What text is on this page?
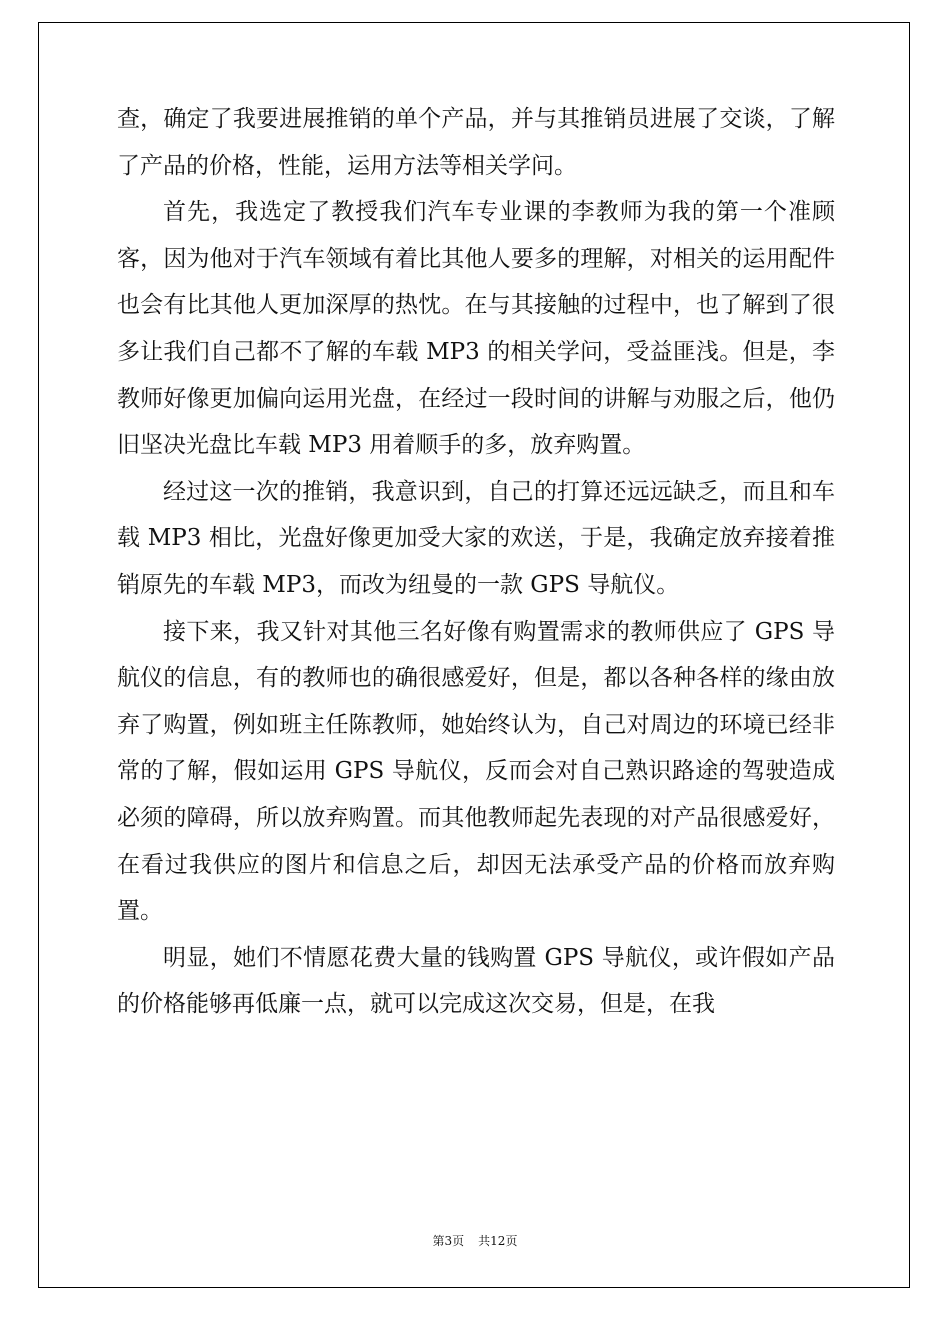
查，确定了我要进展推销的单个产品，并与其推销员进展了交谈，了解了产品的价格，性能，运用方法等相关学问。

首先，我选定了教授我们汽车专业课的李教师为我的第一个准顾客，因为他对于汽车领域有着比其他人要多的理解，对相关的运用配件也会有比其他人更加深厚的热忱。在与其接触的过程中，也了解到了很多让我们自己都不了解的车载 MP3 的相关学问，受益匪浅。但是，李教师好像更加偏向运用光盘，在经过一段时间的讲解与劝服之后，他仍旧坚决光盘比车载 MP3 用着顺手的多，放弃购置。

经过这一次的推销，我意识到，自己的打算还远远缺乏，而且和车载 MP3 相比，光盘好像更加受大家的欢送，于是，我确定放弃接着推销原先的车载 MP3，而改为纽曼的一款 GPS 导航仪。

接下来，我又针对其他三名好像有购置需求的教师供应了 GPS 导航仪的信息，有的教师也的确很感爱好，但是，都以各种各样的缘由放弃了购置，例如班主任陈教师，她始终认为，自己对周边的环境已经非常的了解，假如运用 GPS 导航仪，反而会对自己熟识路途的驾驶造成必须的障碍，所以放弃购置。而其他教师起先表现的对产品很感爱好，在看过我供应的图片和信息之后，却因无法承受产品的价格而放弃购置。

明显，她们不情愿花费大量的钱购置 GPS 导航仪，或许假如产品的价格能够再低廉一点，就可以完成这次交易，但是，在我

第3页 共12页
